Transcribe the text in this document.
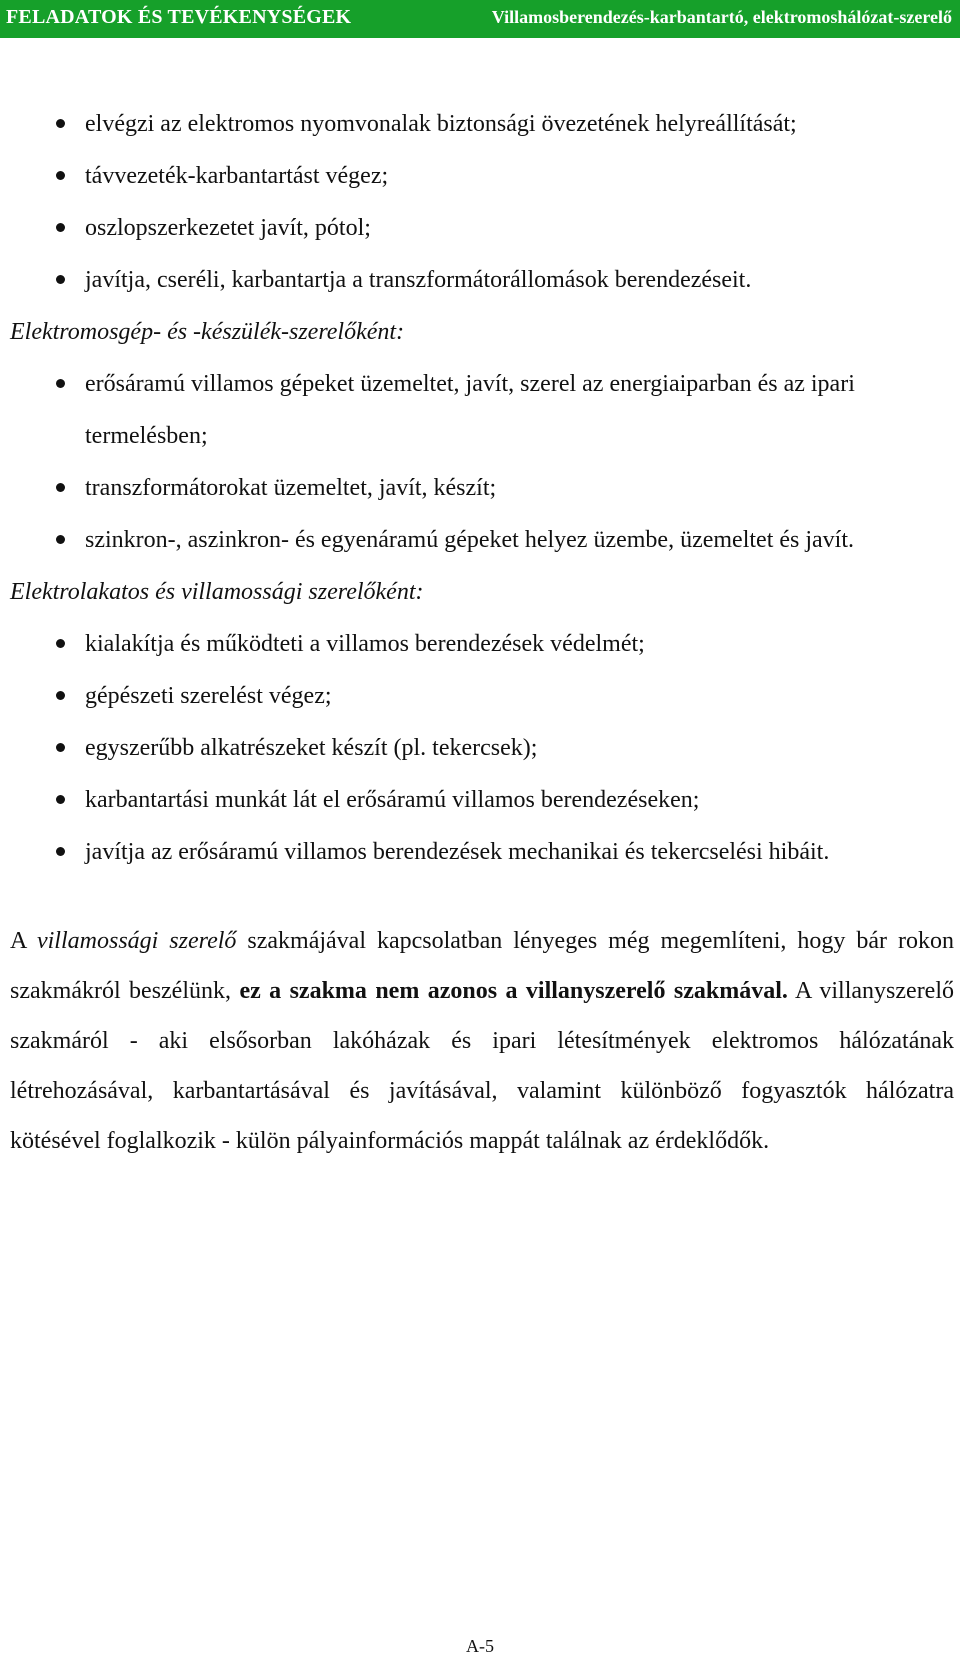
FELADATOK ÉS TEVÉKENYSÉGEK	Villamosberendezés-karbantartó, elektromoshálózat-szerelő
elvégzi az elektromos nyomvonalak biztonsági övezetének helyreállítását;
távvezeték-karbantartást végez;
oszlopszerkezetet javít, pótol;
javítja, cseréli, karbantartja a transzformátorállomások berendezéseit.
Elektromosgép- és -készülék-szerelőként:
erősáramú villamos gépeket üzemeltet, javít, szerel az energiaiparban és az ipari termelésben;
transzformátorokat üzemeltet, javít, készít;
szinkron-, aszinkron- és egyenáramú gépeket helyez üzembe, üzemeltet és javít.
Elektrolakatos és villamossági szerelőként:
kialakítja és működteti a villamos berendezések védelmét;
gépészeti szerelést végez;
egyszerűbb alkatrészeket készít (pl. tekercsek);
karbantartási munkát lát el erősáramú villamos berendezéseken;
javítja az erősáramú villamos berendezések mechanikai és tekercselési hibáit.

A villamossági szerelő szakmájával kapcsolatban lényeges még megemlíteni, hogy bár rokon szakmákról beszélünk, ez a szakma nem azonos a villanyszerelő szakmával. A villanyszerelő szakmáról - aki elsősorban lakóházak és ipari létesítmények elektromos hálózatának létrehozásával, karbantartásával és javításával, valamint különböző fogyasztók hálózatra kötésével foglalkozik - külön pályainformációs mappát találnak az érdeklődők.

A-5
